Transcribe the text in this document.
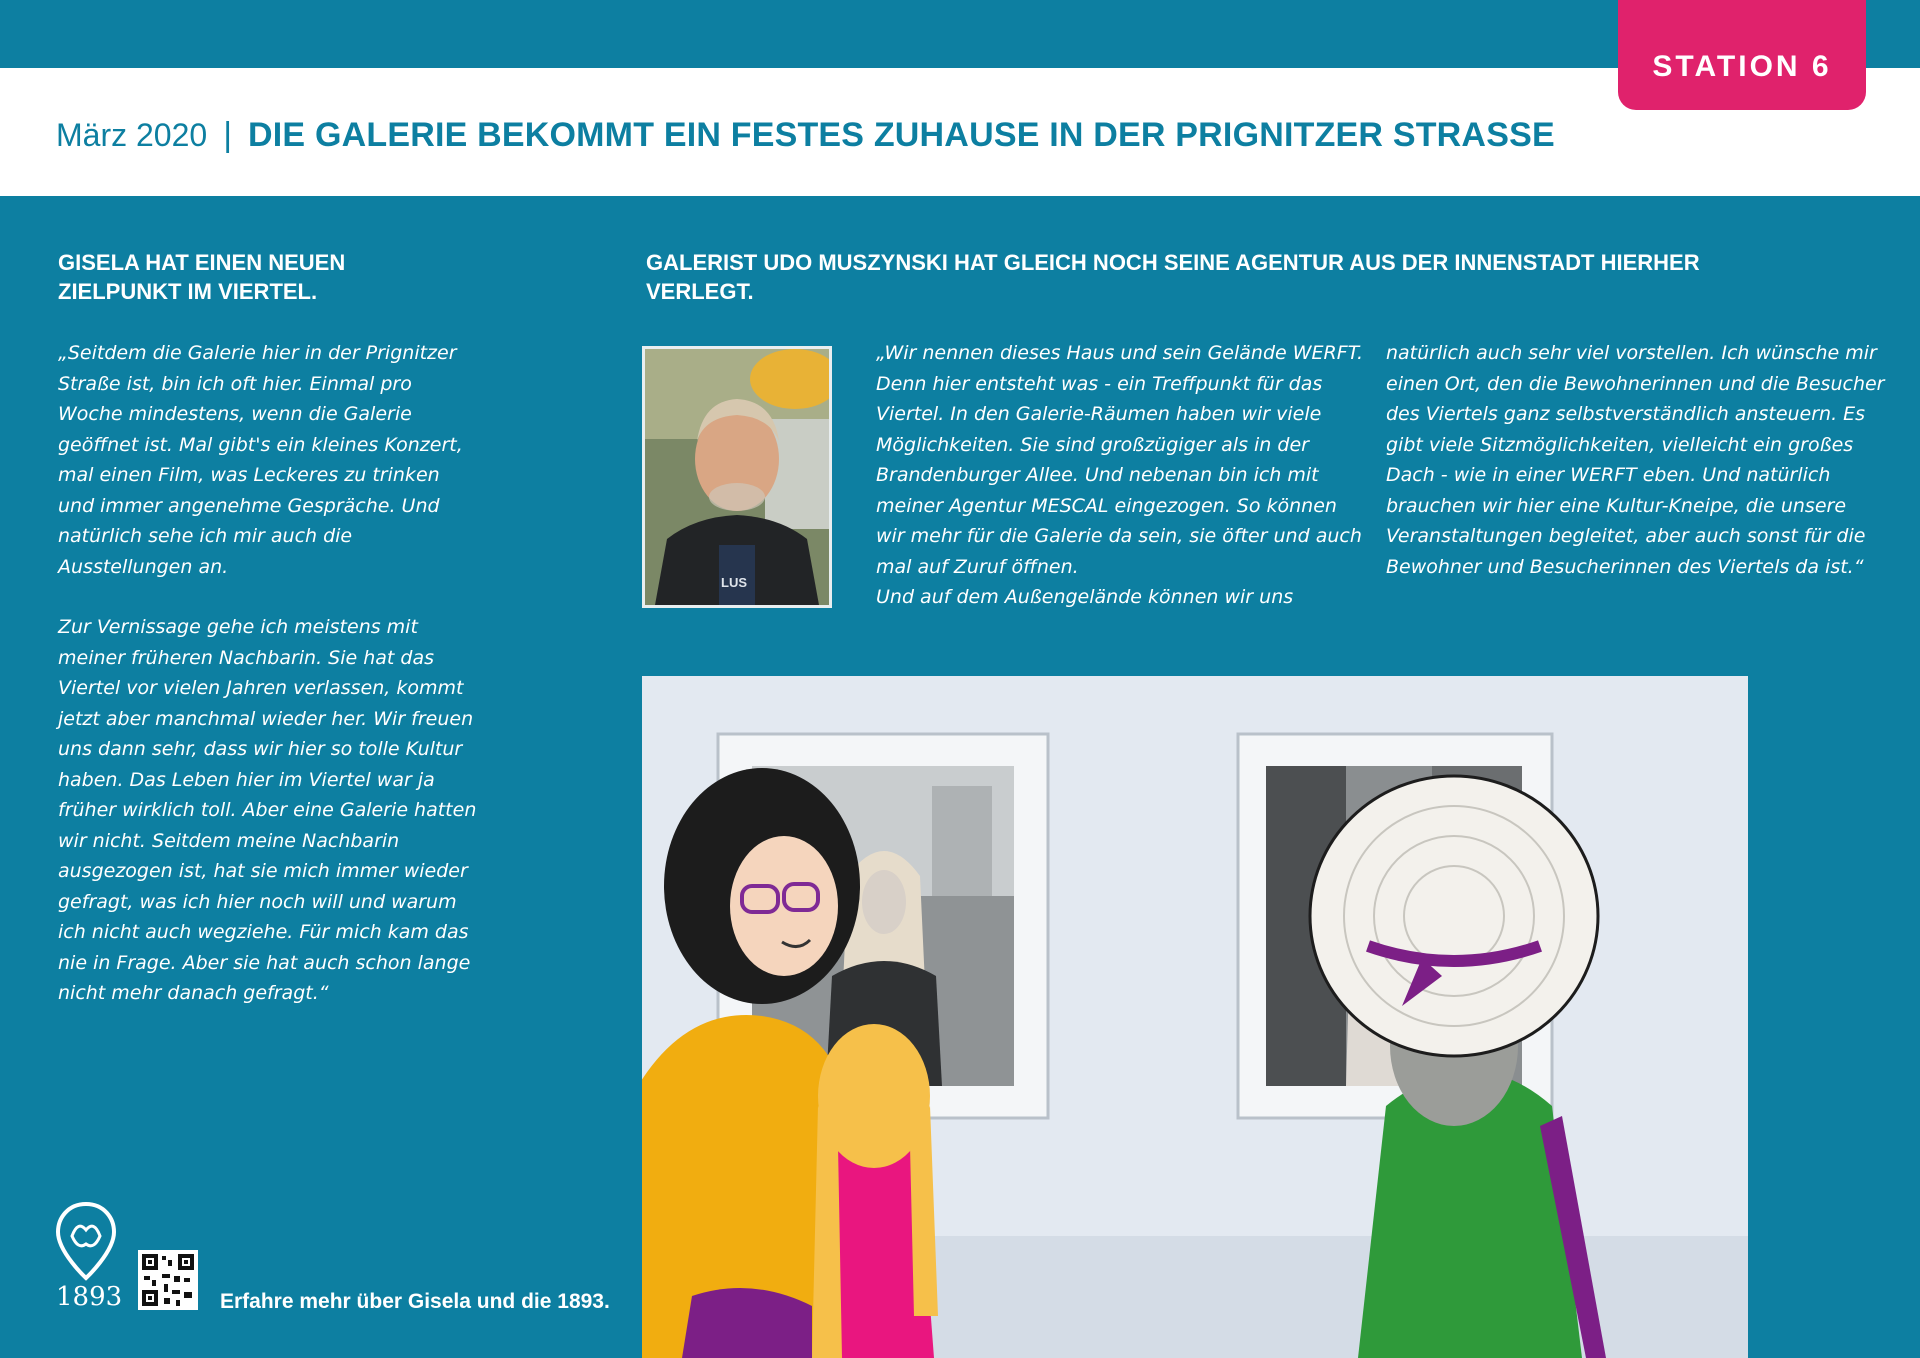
März 2020 | DIE GALERIE BEKOMMT EIN FESTES ZUHAUSE IN DER PRIGNITZER STRASSE
STATION 6
GISELA HAT EINEN NEUEN ZIELPUNKT IM VIERTEL.
GALERIST UDO MUSZYNSKI HAT GLEICH NOCH SEINE AGENTUR AUS DER INNENSTADT HIERHER VERLEGT.

„Seitdem die Galerie hier in der Prignitzer Straße ist, bin ich oft hier. Einmal pro Woche mindestens, wenn die Galerie geöffnet ist. Mal gibt's ein kleines Konzert, mal einen Film, was Leckeres zu trinken und immer angenehme Gespräche. Und natürlich sehe ich mir auch die Ausstellungen an.

Zur Vernissage gehe ich meistens mit meiner früheren Nachbarin. Sie hat das Viertel vor vielen Jahren verlassen, kommt jetzt aber manchmal wieder her. Wir freuen uns dann sehr, dass wir hier so tolle Kultur haben. Das Leben hier im Viertel war ja früher wirklich toll. Aber eine Galerie hatten wir nicht. Seitdem meine Nachbarin ausgezogen ist, hat sie mich immer wieder gefragt, was ich hier noch will und warum ich nicht auch wegziehe. Für mich kam das nie in Frage. Aber sie hat auch schon lange nicht mehr danach gefragt.“

LUS

„Wir nennen dieses Haus und sein Gelände WERFT. Denn hier entsteht was - ein Treffpunkt für das Viertel. In den Galerie-Räumen haben wir viele Möglichkeiten. Sie sind großzügiger als in der Brandenburger Allee. Und nebenan bin ich mit meiner Agentur MESCAL eingezogen. So können wir mehr für die Galerie da sein, sie öfter und auch mal auf Zuruf öffnen.

Und auf dem Außengelände können wir uns

natürlich auch sehr viel vorstellen. Ich wünsche mir einen Ort, den die Bewohnerinnen und die Besucher des Viertels ganz selbstverständlich ansteuern. Es gibt viele Sitzmöglichkeiten, vielleicht ein großes Dach - wie in einer WERFT eben. Und natürlich brauchen wir hier eine Kultur-Kneipe, die unsere Veranstaltungen begleitet, aber auch sonst für die Bewohner und Besucherinnen des Viertels da ist.“

1893	Erfahre mehr über Gisela und die 1893.
